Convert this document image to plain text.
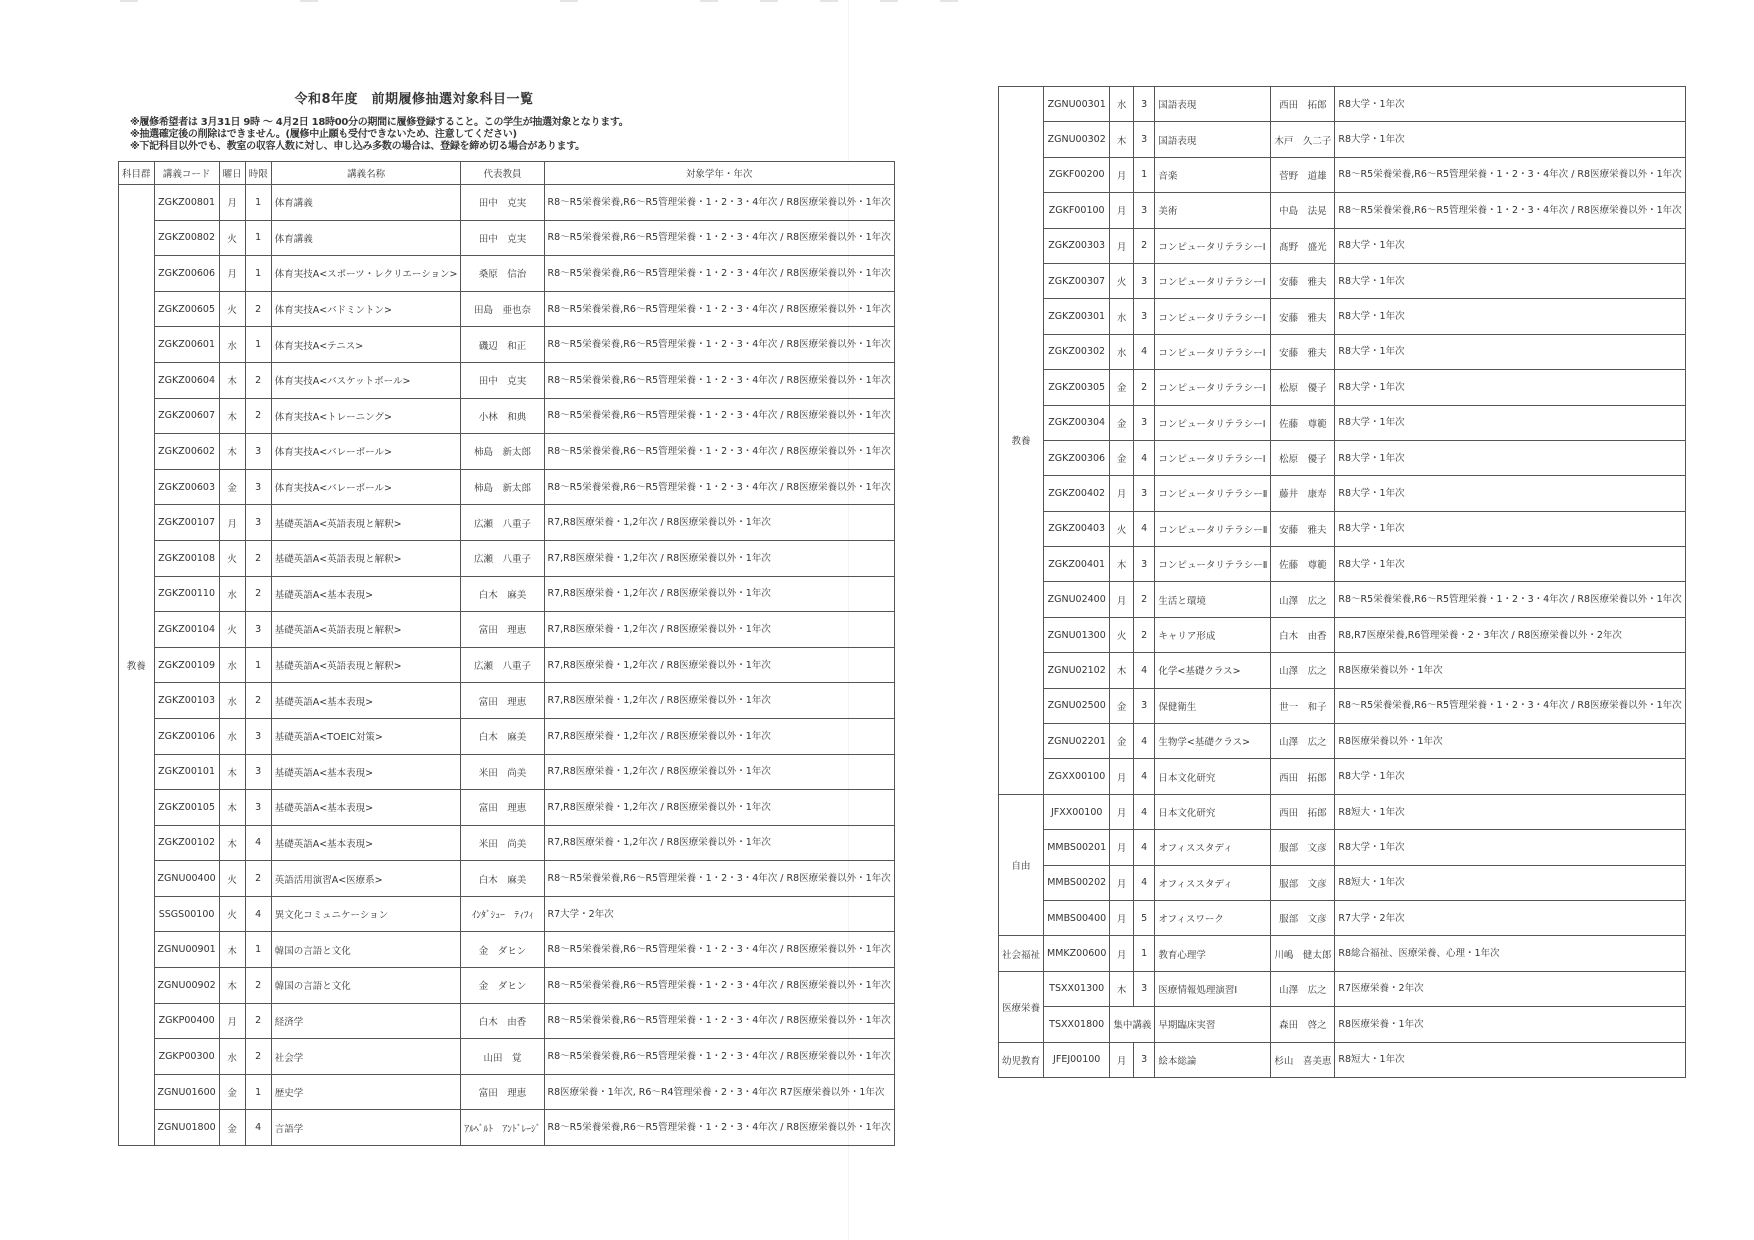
令和8年度　前期履修抽選対象科目一覧
※履修希望者は 3月31日 9時 ～ 4月2日 18時00分の期間に履修登録すること。この学生が抽選対象となります。
※抽選確定後の削除はできません。(履修中止願も受付できないため、注意してください)
※下記科目以外でも、教室の収容人数に対し、申し込み多数の場合は、登録を締め切る場合があります。
科目群	講義コード	曜日	時限	講義名称	代表教員	対象学年・年次
教養	ZGKZ00801	月	1	体育講義	田中　克実	R8～R5栄養栄養,R6～R5管理栄養・1・2・3・4年次 / R8医療栄養以外・1年次
	ZGKZ00802	火	1	体育講義	田中　克実	R8～R5栄養栄養,R6～R5管理栄養・1・2・3・4年次 / R8医療栄養以外・1年次
	ZGKZ00606	月	1	体育実技A<スポーツ・レクリエーション>	桑原　信治	R8～R5栄養栄養,R6～R5管理栄養・1・2・3・4年次 / R8医療栄養以外・1年次
	ZGKZ00605	火	2	体育実技A<バドミントン>	田島　亜也奈	R8～R5栄養栄養,R6～R5管理栄養・1・2・3・4年次 / R8医療栄養以外・1年次
	ZGKZ00601	水	1	体育実技A<テニス>	磯辺　和正	R8～R5栄養栄養,R6～R5管理栄養・1・2・3・4年次 / R8医療栄養以外・1年次
	ZGKZ00604	木	2	体育実技A<バスケットボール>	田中　克実	R8～R5栄養栄養,R6～R5管理栄養・1・2・3・4年次 / R8医療栄養以外・1年次
	ZGKZ00607	木	2	体育実技A<トレーニング>	小林　和典	R8～R5栄養栄養,R6～R5管理栄養・1・2・3・4年次 / R8医療栄養以外・1年次
	ZGKZ00602	木	3	体育実技A<バレーボール>	柿島　新太郎	R8～R5栄養栄養,R6～R5管理栄養・1・2・3・4年次 / R8医療栄養以外・1年次
	ZGKZ00603	金	3	体育実技A<バレーボール>	柿島　新太郎	R8～R5栄養栄養,R6～R5管理栄養・1・2・3・4年次 / R8医療栄養以外・1年次
	ZGKZ00107	月	3	基礎英語A<英語表現と解釈>	広瀬　八重子	R7,R8医療栄養・1,2年次 / R8医療栄養以外・1年次
	ZGKZ00108	火	2	基礎英語A<英語表現と解釈>	広瀬　八重子	R7,R8医療栄養・1,2年次 / R8医療栄養以外・1年次
	ZGKZ00110	水	2	基礎英語A<基本表現>	白木　麻美	R7,R8医療栄養・1,2年次 / R8医療栄養以外・1年次
	ZGKZ00104	火	3	基礎英語A<英語表現と解釈>	富田　理恵	R7,R8医療栄養・1,2年次 / R8医療栄養以外・1年次
	ZGKZ00109	水	1	基礎英語A<英語表現と解釈>	広瀬　八重子	R7,R8医療栄養・1,2年次 / R8医療栄養以外・1年次
	ZGKZ00103	水	2	基礎英語A<基本表現>	富田　理恵	R7,R8医療栄養・1,2年次 / R8医療栄養以外・1年次
	ZGKZ00106	水	3	基礎英語A<TOEIC対策>	白木　麻美	R7,R8医療栄養・1,2年次 / R8医療栄養以外・1年次
	ZGKZ00101	木	3	基礎英語A<基本表現>	米田　尚美	R7,R8医療栄養・1,2年次 / R8医療栄養以外・1年次
	ZGKZ00105	木	3	基礎英語A<基本表現>	富田　理恵	R7,R8医療栄養・1,2年次 / R8医療栄養以外・1年次
	ZGKZ00102	木	4	基礎英語A<基本表現>	米田　尚美	R7,R8医療栄養・1,2年次 / R8医療栄養以外・1年次
	ZGNU00400	火	2	英語活用演習A<医療系>	白木　麻美	R8～R5栄養栄養,R6～R5管理栄養・1・2・3・4年次 / R8医療栄養以外・1年次
	SSGS00100	火	4	異文化コミュニケーション	ｲﾝﾀﾞｼｭｰ　ﾃｨﾌｨ	R7大学・2年次
	ZGNU00901	木	1	韓国の言語と文化	金　ダヒン	R8～R5栄養栄養,R6～R5管理栄養・1・2・3・4年次 / R8医療栄養以外・1年次
	ZGNU00902	木	2	韓国の言語と文化	金　ダヒン	R8～R5栄養栄養,R6～R5管理栄養・1・2・3・4年次 / R8医療栄養以外・1年次
	ZGKP00400	月	2	経済学	白木　由香	R8～R5栄養栄養,R6～R5管理栄養・1・2・3・4年次 / R8医療栄養以外・1年次
	ZGKP00300	水	2	社会学	山田　覚	R8～R5栄養栄養,R6～R5管理栄養・1・2・3・4年次 / R8医療栄養以外・1年次
	ZGNU01600	金	1	歴史学	富田　理恵	R8医療栄養・1年次, R6～R4管理栄養・2・3・4年次 R7医療栄養以外・1年次
	ZGNU01800	金	4	言語学	ｱﾙﾍﾞﾙﾄ　ｱﾝﾄﾞﾚｰｼﾞ	R8～R5栄養栄養,R6～R5管理栄養・1・2・3・4年次 / R8医療栄養以外・1年次
教養	ZGNU00301	水	3	国語表現	西田　拓郎	R8大学・1年次
	ZGNU00302	木	3	国語表現	木戸　久二子	R8大学・1年次
	ZGKF00200	月	1	音楽	菅野　道雄	R8～R5栄養栄養,R6～R5管理栄養・1・2・3・4年次 / R8医療栄養以外・1年次
	ZGKF00100	月	3	美術	中島　法晃	R8～R5栄養栄養,R6～R5管理栄養・1・2・3・4年次 / R8医療栄養以外・1年次
	ZGKZ00303	月	2	コンピュータリテラシーⅠ	髙野　盛光	R8大学・1年次
	ZGKZ00307	火	3	コンピュータリテラシーⅠ	安藤　雅夫	R8大学・1年次
	ZGKZ00301	水	3	コンピュータリテラシーⅠ	安藤　雅夫	R8大学・1年次
	ZGKZ00302	水	4	コンピュータリテラシーⅠ	安藤　雅夫	R8大学・1年次
	ZGKZ00305	金	2	コンピュータリテラシーⅠ	松原　優子	R8大学・1年次
	ZGKZ00304	金	3	コンピュータリテラシーⅠ	佐藤　尊範	R8大学・1年次
	ZGKZ00306	金	4	コンピュータリテラシーⅠ	松原　優子	R8大学・1年次
	ZGKZ00402	月	3	コンピュータリテラシーⅡ	藤井　康寿	R8大学・1年次
	ZGKZ00403	火	4	コンピュータリテラシーⅡ	安藤　雅夫	R8大学・1年次
	ZGKZ00401	木	3	コンピュータリテラシーⅡ	佐藤　尊範	R8大学・1年次
	ZGNU02400	月	2	生活と環境	山澤　広之	R8～R5栄養栄養,R6～R5管理栄養・1・2・3・4年次 / R8医療栄養以外・1年次
	ZGNU01300	火	2	キャリア形成	白木　由香	R8,R7医療栄養,R6管理栄養・2・3年次 / R8医療栄養以外・2年次
	ZGNU02102	木	4	化学<基礎クラス>	山澤　広之	R8医療栄養以外・1年次
	ZGNU02500	金	3	保健衛生	世一　和子	R8～R5栄養栄養,R6～R5管理栄養・1・2・3・4年次 / R8医療栄養以外・1年次
	ZGNU02201	金	4	生物学<基礎クラス>	山澤　広之	R8医療栄養以外・1年次
	ZGXX00100	月	4	日本文化研究	西田　拓郎	R8大学・1年次
自由	JFXX00100	月	4	日本文化研究	西田　拓郎	R8短大・1年次
	MMBS00201	月	4	オフィススタディ	服部　文彦	R8大学・1年次
	MMBS00202	月	4	オフィススタディ	服部　文彦	R8短大・1年次
	MMBS00400	月	5	オフィスワーク	服部　文彦	R7大学・2年次
社会福祉	MMKZ00600	月	1	教育心理学	川嶋　健太郎	R8総合福祉、医療栄養、心理・1年次
医療栄養	TSXX01300	木	3	医療情報処理演習Ⅰ	山澤　広之	R7医療栄養・2年次
	TSXX01800	集中講義		早期臨床実習	森田　啓之	R8医療栄養・1年次
幼児教育	JFEJ00100	月	3	絵本総論	杉山　喜美恵	R8短大・1年次
